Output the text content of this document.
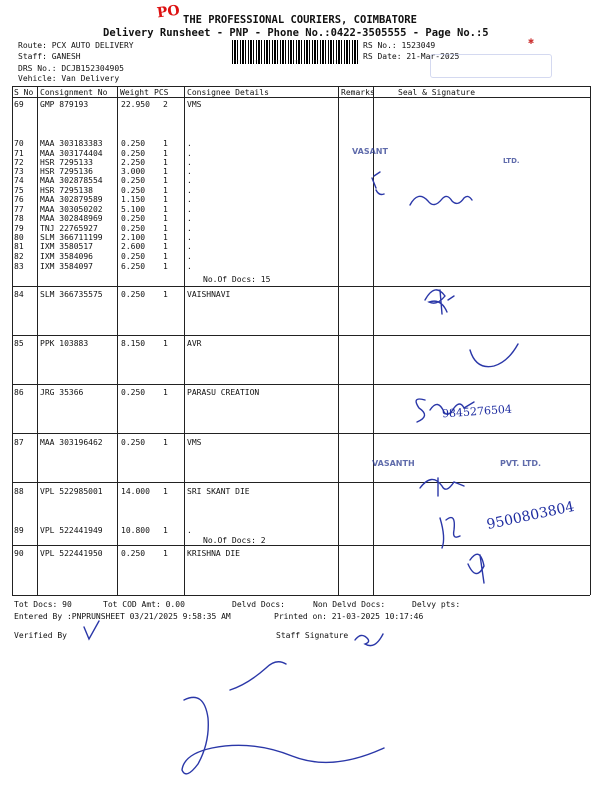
PO THE PROFESSIONAL COURIERS, COIMBATORE
Delivery Runsheet - PNP - Phone No.:0422-3505555 - Page No.:5
Route: PCX AUTO DELIVERY
Staff: GANESH
DRS No.: DCJB152304905
Vehicle: Van Delivery
RS No.: 1523049
RS Date: 21-Mar-2025
✱
S No Consignment No Weight PCS Consignee Details	Remarks	Seal & Signature
69 GMP 879193	22.950 2 VMS
70 MAA 303183383 0.250 1 .
71 MAA 303174404 0.250 1 .
72 HSR 7295133	2.250 1 .
73 HSR 7295136	3.000 1 .
74 MAA 302878554 0.250 1 .
75 HSR 7295138	0.250 1 .
76 MAA 302879589 1.150 1 .
77 MAA 303050202 5.100 1 .
78 MAA 302848969 0.250 1 .
79 TNJ 22765927	0.250 1 .
80 SLM 366711199 2.100 1 .
81 IXM 3580517	2.600 1 .
82 IXM 3584096	0.250 1 .
83 IXM 3584097	6.250 1 .
84 SLM 366735575 0.250 1 VAISHNAVI
85 PPK 103883	8.150 1 AVR
86 JRG 35366	0.250 1 PARASU CREATION
87 MAA 303196462 0.250 1 VMS
88 VPL 522985001 14.000 1 SRI SKANT DIE
89 VPL 522441949 10.800 1 .
90 VPL 522441950 0.250 1 KRISHNA DIE
No.Of Docs: 15
No.Of Docs: 2
VASANT
LTD.
VASANTH	PVT. LTD.
9845276504
9500803804
Tot Docs: 90	Tot COD Amt: 0.00	Delvd Docs:	Non Delvd Docs:	Delvy pts:
Entered By :PNPRUNSHEET 03/21/2025 9:58:35 AM	Printed on: 21-03-2025 10:17:46
Verified By	Staff Signature
